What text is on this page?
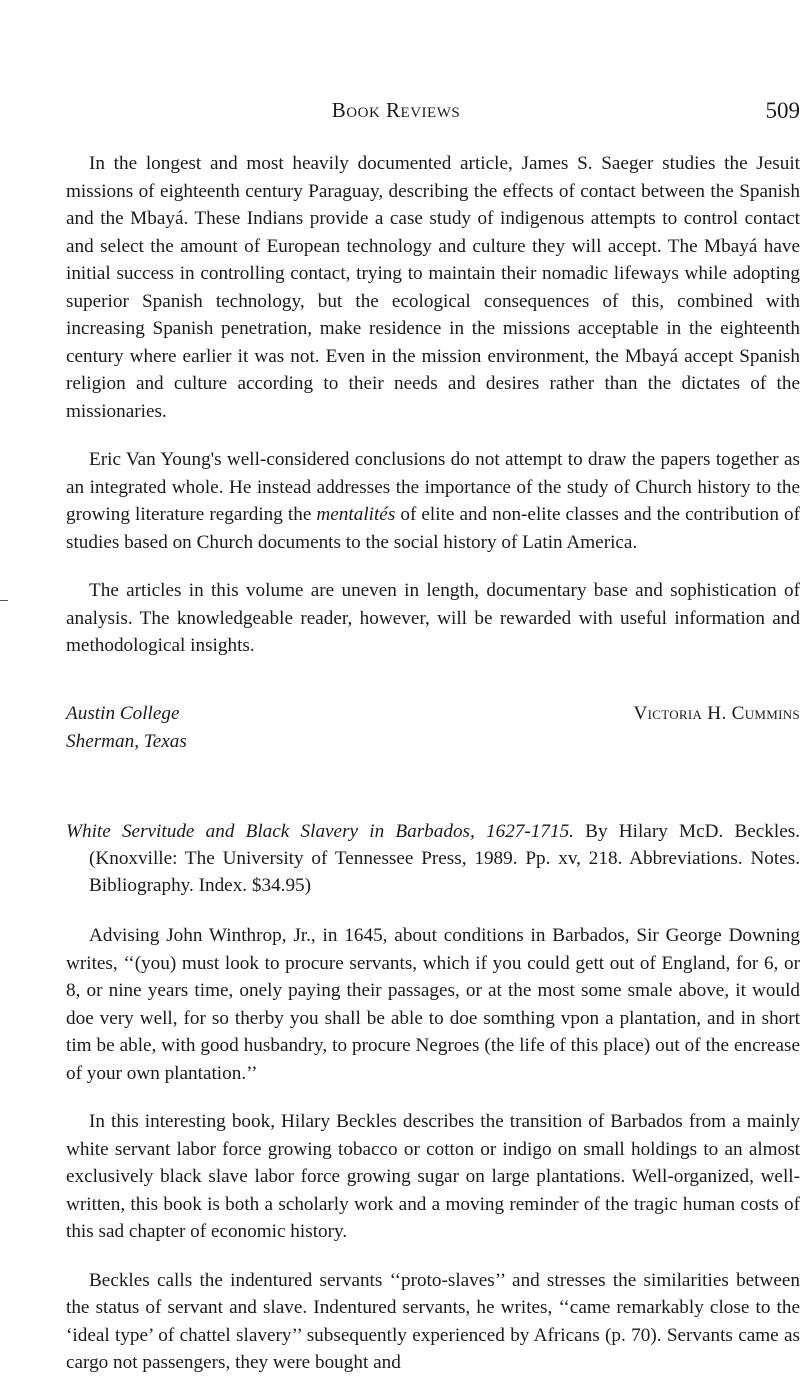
Book Reviews	509

In the longest and most heavily documented article, James S. Saeger studies the Jesuit missions of eighteenth century Paraguay, describing the effects of contact between the Spanish and the Mbayá. These Indians provide a case study of indigenous attempts to control contact and select the amount of European technology and culture they will accept. The Mbayá have initial success in controlling contact, trying to maintain their nomadic lifeways while adopting superior Spanish technology, but the ecological consequences of this, combined with increasing Spanish penetration, make residence in the missions acceptable in the eighteenth century where earlier it was not. Even in the mission environment, the Mbayá accept Spanish religion and culture according to their needs and desires rather than the dictates of the missionaries.

Eric Van Young's well-considered conclusions do not attempt to draw the papers together as an integrated whole. He instead addresses the importance of the study of Church history to the growing literature regarding the mentalités of elite and non-elite classes and the contribution of studies based on Church documents to the social history of Latin America.

The articles in this volume are uneven in length, documentary base and sophistication of analysis. The knowledgeable reader, however, will be rewarded with useful information and methodological insights.

Austin College
Sherman, Texas
Victoria H. Cummins
White Servitude and Black Slavery in Barbados, 1627-1715. By Hilary McD. Beckles. (Knoxville: The University of Tennessee Press, 1989. Pp. xv, 218. Abbreviations. Notes. Bibliography. Index. $34.95)

Advising John Winthrop, Jr., in 1645, about conditions in Barbados, Sir George Downing writes, ‘‘(you) must look to procure servants, which if you could gett out of England, for 6, or 8, or nine years time, onely paying their passages, or at the most some smale above, it would doe very well, for so therby you shall be able to doe somthing vpon a plantation, and in short tim be able, with good husbandry, to procure Negroes (the life of this place) out of the encrease of your own plantation.’’

In this interesting book, Hilary Beckles describes the transition of Barbados from a mainly white servant labor force growing tobacco or cotton or indigo on small holdings to an almost exclusively black slave labor force growing sugar on large plantations. Well-organized, well-written, this book is both a scholarly work and a moving reminder of the tragic human costs of this sad chapter of economic history.

Beckles calls the indentured servants ‘‘proto-slaves’’ and stresses the similarities between the status of servant and slave. Indentured servants, he writes, ‘‘came remarkably close to the ‘ideal type’ of chattel slavery’’ subsequently experienced by Africans (p. 70). Servants came as cargo not passengers, they were bought and
